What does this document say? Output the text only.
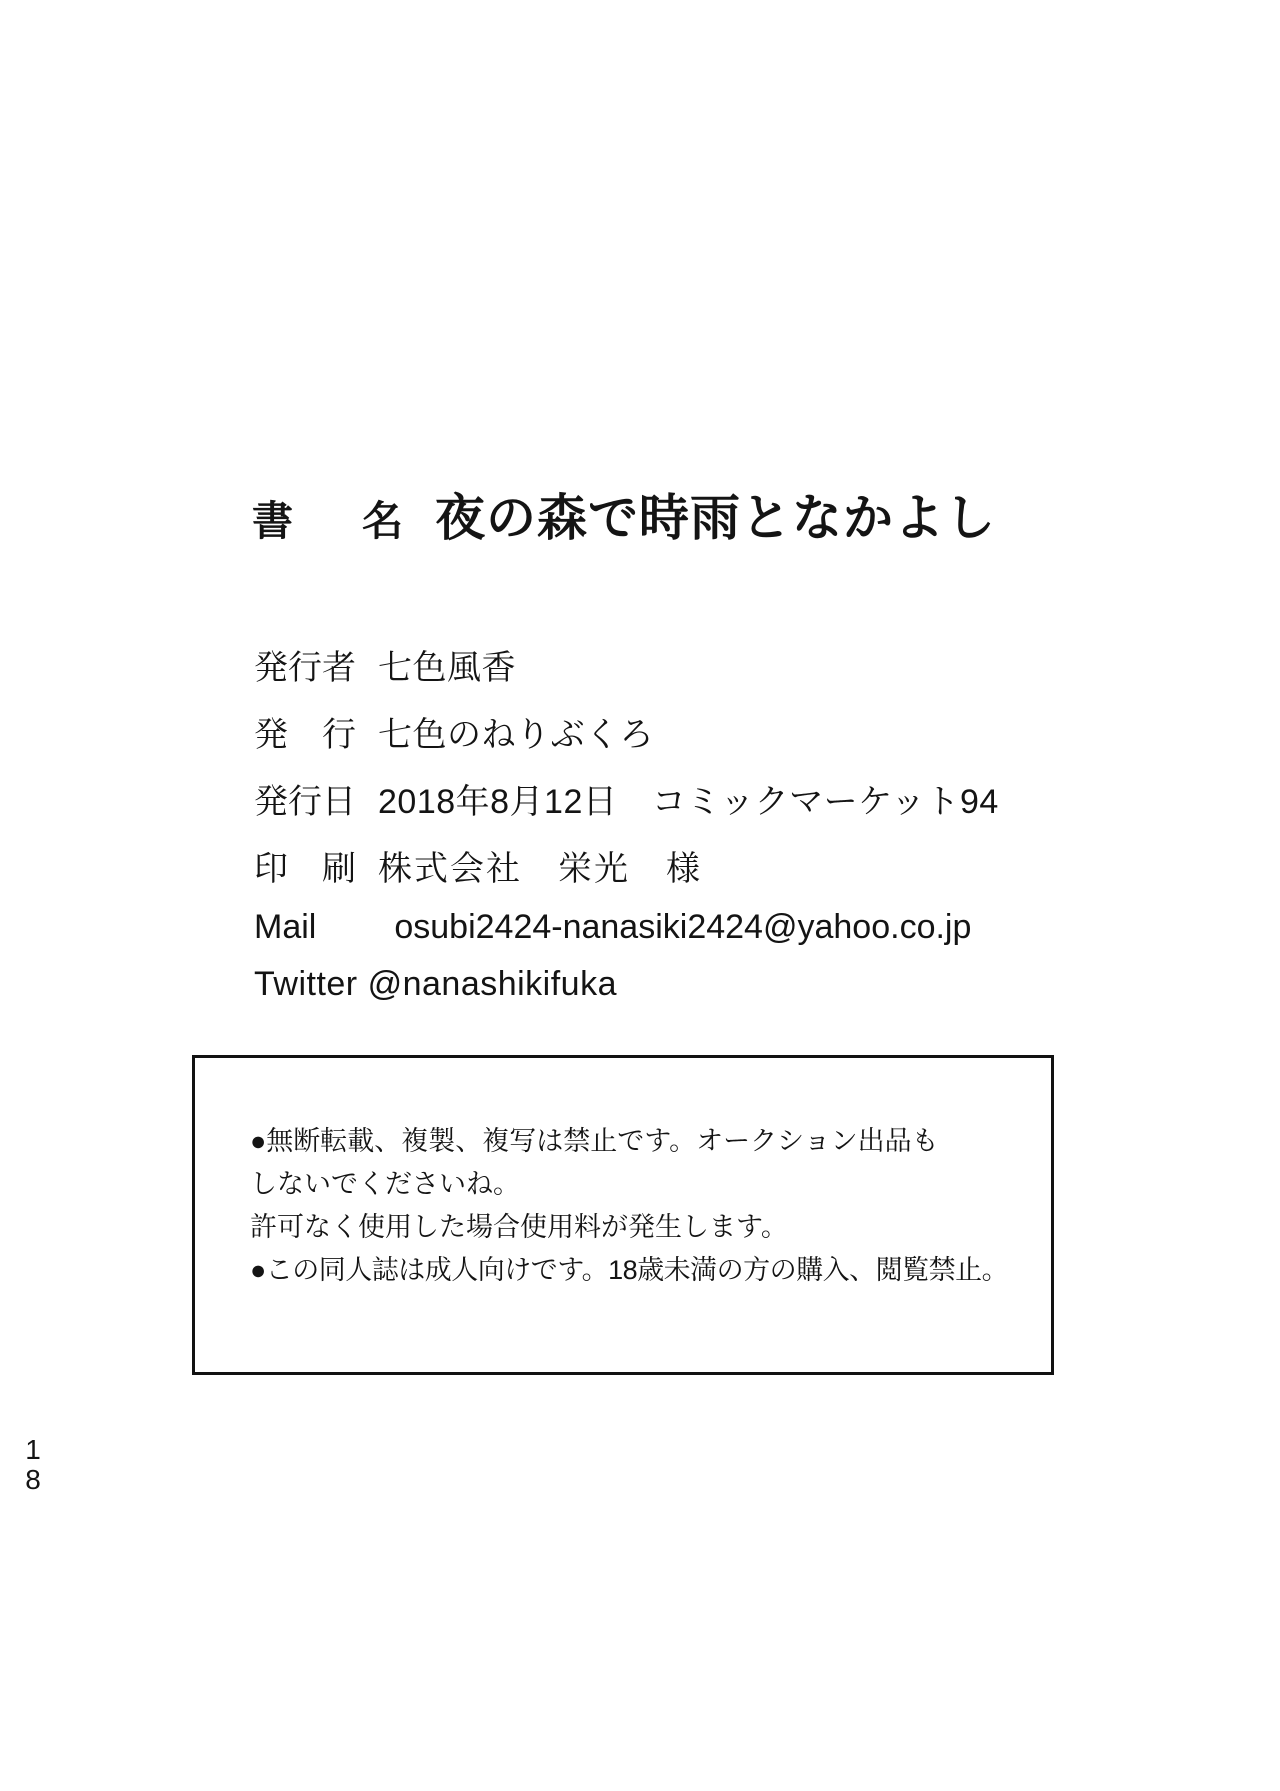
書　名 夜の森で時雨となかよし
発行者 七色風香
発　行 七色のねりぶくろ
発行日 2018年8月12日　コミックマーケット94
印　刷 株式会社　栄光　様
Mail osubi2424-nanasiki2424@yahoo.co.jp
Twitter @nanashikifuka
●無断転載、複製、複写は禁止です。オークション出品も
しないでくださいね。
許可なく使用した場合使用料が発生します。
●この同人誌は成人向けです。18歳未満の方の購入、閲覧禁止。
1
8
